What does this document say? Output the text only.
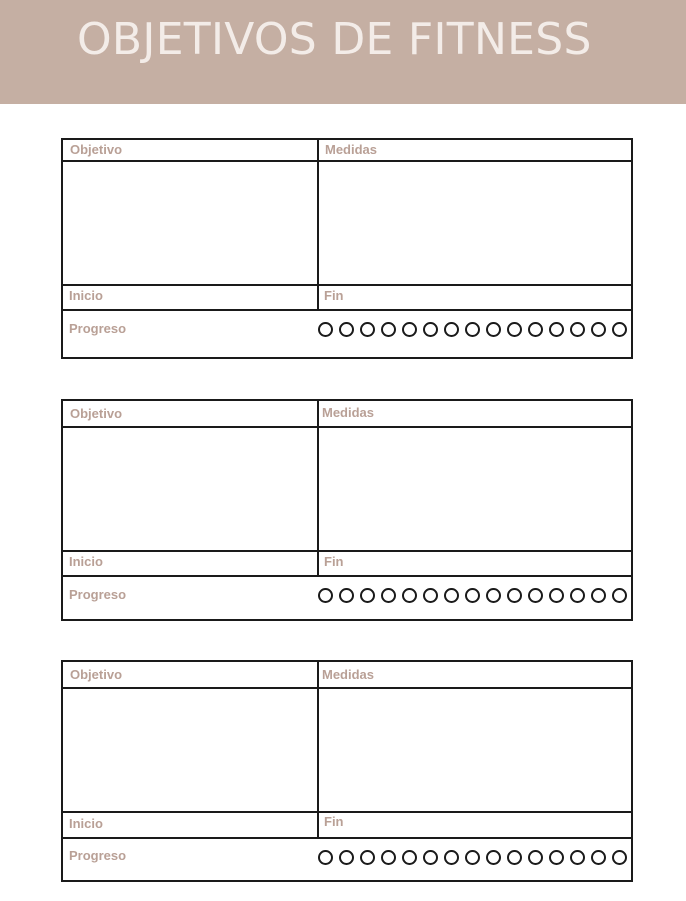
OBJETIVOS DE FITNESS
Objetivo	Medidas
Inicio	Fin
Progreso
Objetivo	Medidas
Inicio	Fin
Progreso
Objetivo	Medidas
Inicio	Fin
Progreso
